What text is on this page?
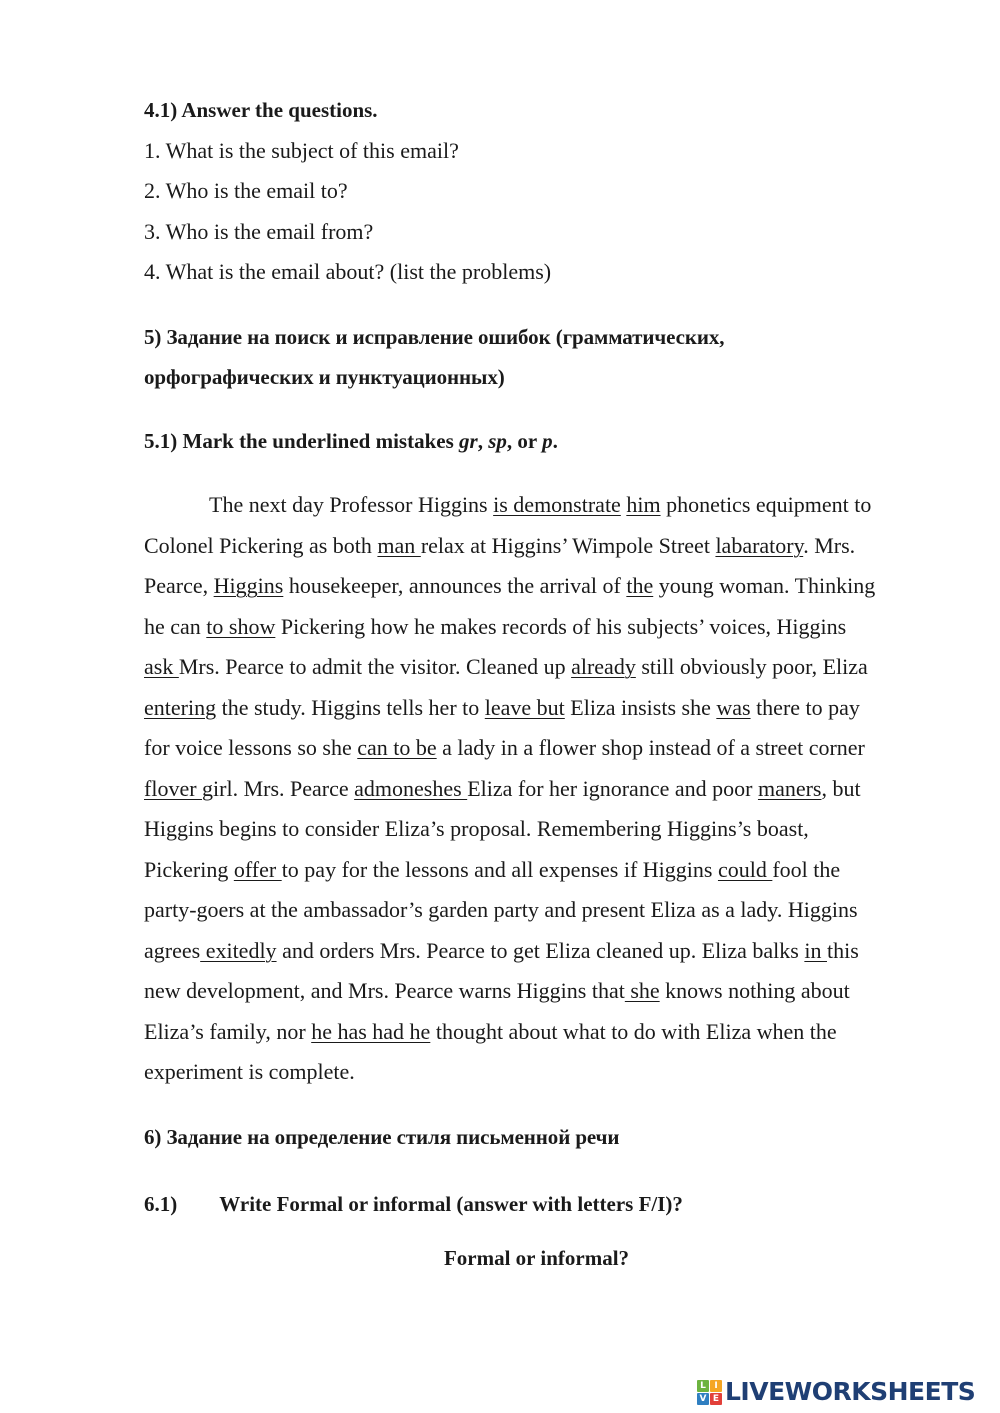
4.1) Answer the questions.
1. What is the subject of this email?
2. Who is the email to?
3. Who is the email from?
4. What is the email about? (list the problems)
5) Задание на поиск и исправление ошибок (грамматических,
орфографических и пунктуационных)
5.1) Mark the underlined mistakes gr, sp, or p.
The next day Professor Higgins is demonstrate him phonetics equipment to
Colonel Pickering as both man relax at Higgins’ Wimpole Street labaratory. Mrs.
Pearce, Higgins housekeeper, announces the arrival of the young woman. Thinking
he can to show Pickering how he makes records of his subjects’ voices, Higgins
ask Mrs. Pearce to admit the visitor. Cleaned up already still obviously poor, Eliza
entering the study. Higgins tells her to leave but Eliza insists she was there to pay
for voice lessons so she can to be a lady in a flower shop instead of a street corner
flover girl. Mrs. Pearce admoneshes Eliza for her ignorance and poor maners, but
Higgins begins to consider Eliza’s proposal. Remembering Higgins’s boast,
Pickering offer to pay for the lessons and all expenses if Higgins could fool the
party-goers at the ambassador’s garden party and present Eliza as a lady. Higgins
agrees exitedly and orders Mrs. Pearce to get Eliza cleaned up. Eliza balks in this
new development, and Mrs. Pearce warns Higgins that she knows nothing about
Eliza’s family, nor he has had he thought about what to do with Eliza when the
experiment is complete.
6) Задание на определение стиля письменной речи
6.1) Write Formal or informal (answer with letters F/I)?
Formal or informal?
L I
V E LIVEWORKSHEETS
